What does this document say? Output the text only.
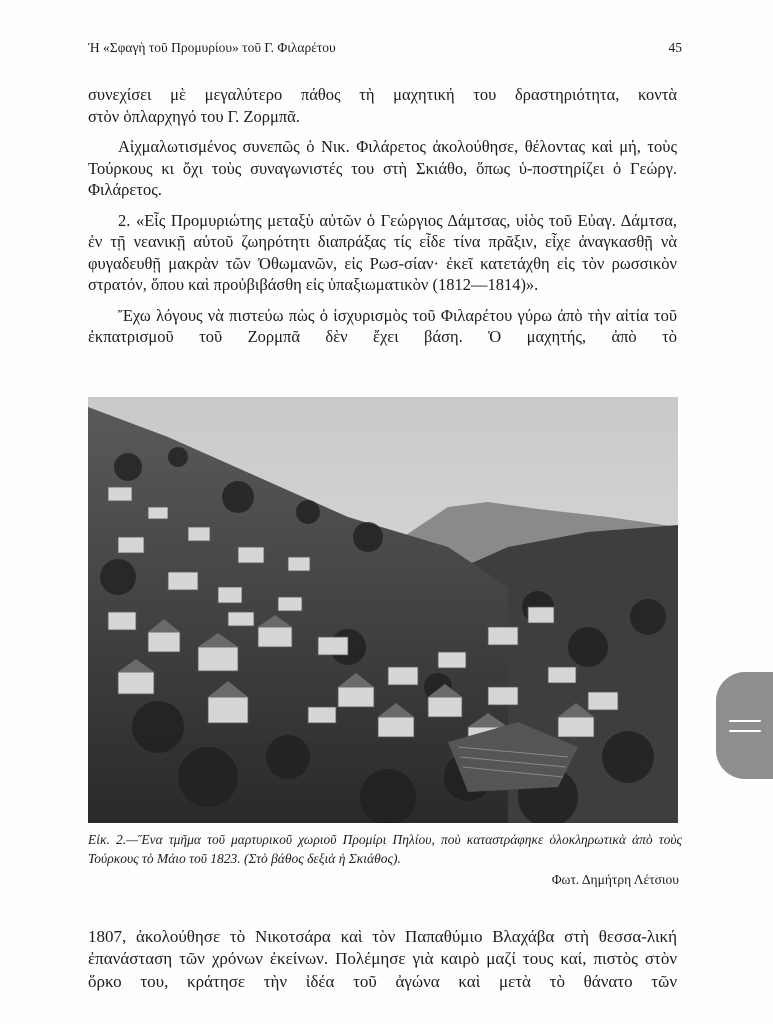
Ἡ «Σφαγὴ τοῦ Προμυρίου» τοῦ Γ. Φιλαρέτου	45

συνεχίσει μὲ μεγαλύτερο πάθος τὴ μαχητική του δραστηριότητα, κοντὰ

στὸν ὁπλαρχηγό του Γ. Ζορμπᾶ.

Αἰχμαλωτισμένος συνεπῶς ὁ Νικ. Φιλάρετος ἀκολούθησε, θέλοντας καὶ μή, τοὺς Τούρκους κι ὄχι τοὺς συναγωνιστές του στὴ Σκιάθο, ὅπως ὑ-ποστηρίζει ὁ Γεώργ. Φιλάρετος.

2. «Εἷς Προμυριώτης μεταξὺ αὐτῶν ὁ Γεώργιος Δάμτσας, υἱὸς τοῦ Εὐαγ. Δάμτσα, ἐν τῇ νεανικῇ αὐτοῦ ζωηρότητι διαπράξας τίς εἶδε τίνα πρᾶξιν, εἶχε ἀναγκασθῇ νὰ φυγαδευθῇ μακρὰν τῶν Ὀθωμανῶν, εἰς Ρωσ-σίαν· ἐκεῖ κατετάχθη εἰς τὸν ρωσσικὸν στρατόν, ὅπου καὶ προὐβιβάσθη εἰς ὑπαξιωματικὸν (1812—1814)».

Ἔχω λόγους νὰ πιστεύω πὼς ὁ ἰσχυρισμὸς τοῦ Φιλαρέτου γύρω ἀπὸ τὴν αἰτία τοῦ ἐκπατρισμοῦ τοῦ Ζορμπᾶ δὲν ἔχει βάση. Ὁ μαχητής, ἀπὸ τὸ

Εἰκ. 2.—Ἕνα τμῆμα τοῦ μαρτυρικοῦ χωριοῦ Προμίρι Πηλίου, ποὺ καταστράφηκε ὁλοκληρωτικὰ ἀπὸ τοὺς Τούρκους τὸ Μάιο τοῦ 1823. (Στὸ βάθος δεξιὰ ἡ Σκιάθος).

Φωτ. Δημήτρη Λέτσιου

1807, ἀκολούθησε τὸ Νικοτσάρα καὶ τὸν Παπαθύμιο Βλαχάβα στὴ θεσσα-λική ἐπανάσταση τῶν χρόνων ἐκείνων. Πολέμησε γιὰ καιρὸ μαζί τους καί, πιστὸς στὸν ὅρκο του, κράτησε τὴν ἰδέα τοῦ ἀγώνα καὶ μετὰ τὸ θάνατο τῶν
